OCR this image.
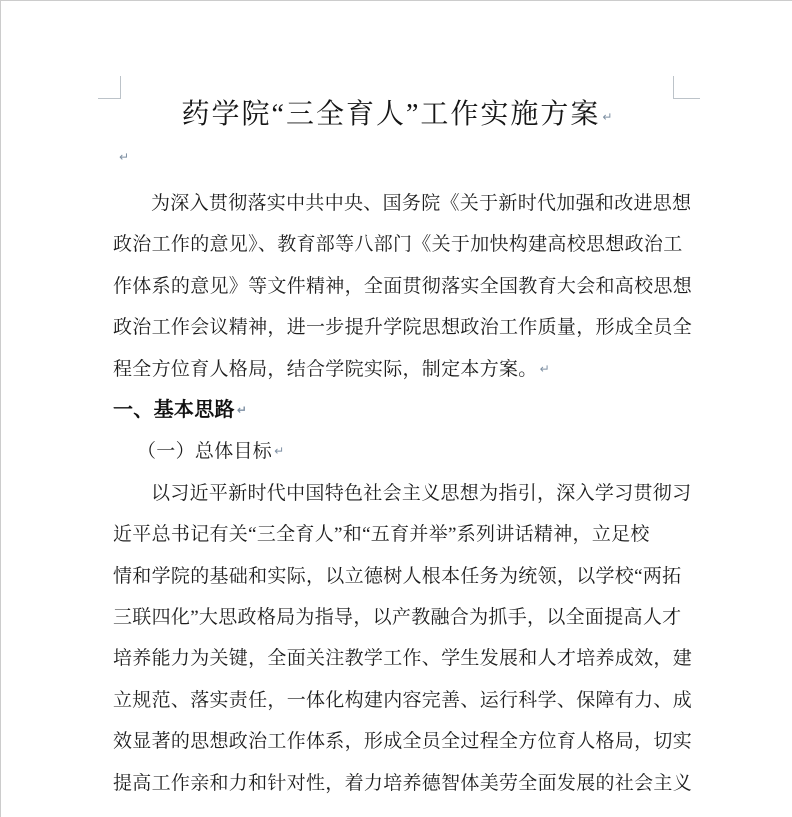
药学院“三全育人”工作实施方案 ↵
↵
为深入贯彻落实中共中央、国务院《关于新时代加强和改进思想
政治工作的意见》、教育部等八部门《关于加快构建高校思想政治工
作体系的意见》等文件精神，全面贯彻落实全国教育大会和高校思想
政治工作会议精神，进一步提升学院思想政治工作质量，形成全员全
程全方位育人格局，结合学院实际，制定本方案。 ↵
一、基本思路 ↵
（一）总体目标 ↵
以习近平新时代中国特色社会主义思想为指引，深入学习贯彻习
近平总书记有关“三全育人”和“五育并举”系列讲话精神，立足校
情和学院的基础和实际，以立德树人根本任务为统领，以学校“两拓
三联四化”大思政格局为指导，以产教融合为抓手，以全面提高人才
培养能力为关键，全面关注教学工作、学生发展和人才培养成效，建
立规范、落实责任，一体化构建内容完善、运行科学、保障有力、成
效显著的思想政治工作体系，形成全员全过程全方位育人格局，切实
提高工作亲和力和针对性，着力培养德智体美劳全面发展的社会主义
